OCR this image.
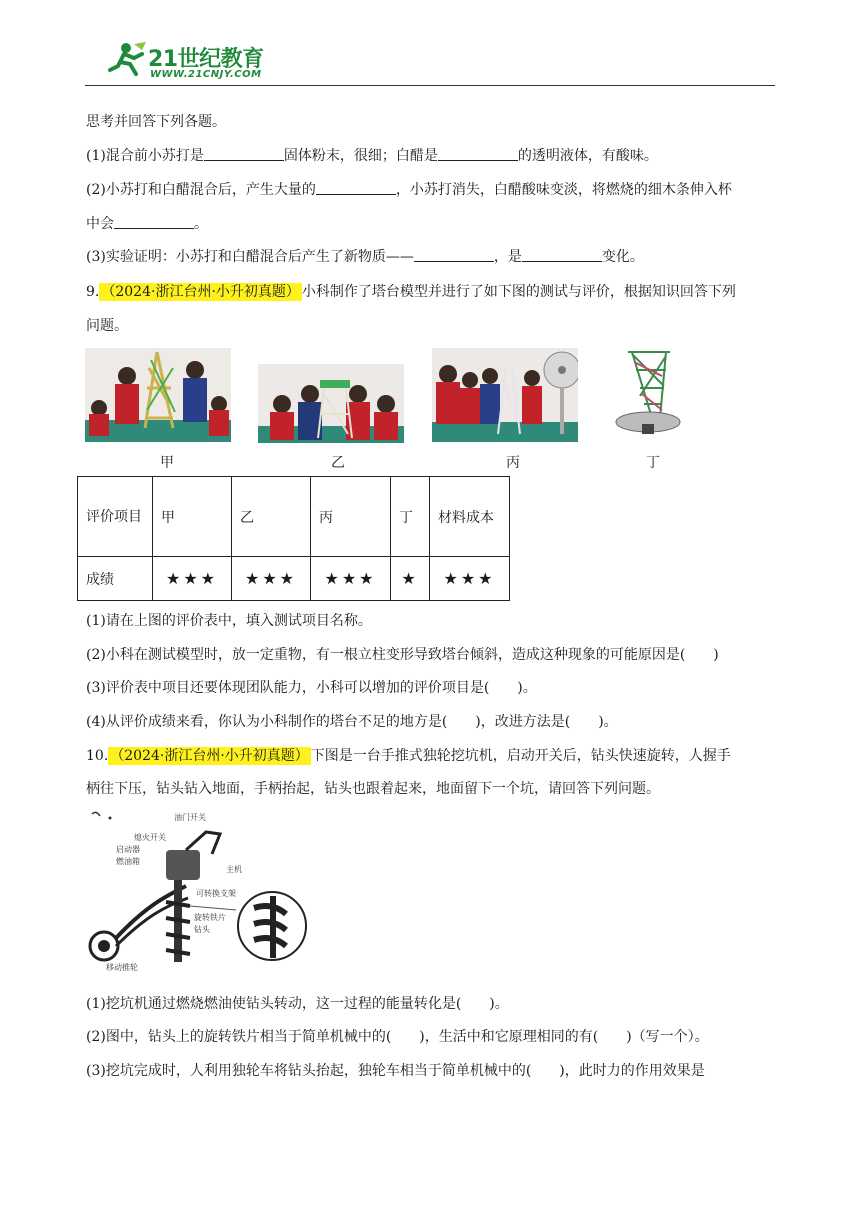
21世纪教育
WWW.21CNJY.COM
思考并回答下列各题。
(1)混合前小苏打是	固体粉末，很细；白醋是	的透明液体，有酸味。
(2)小苏打和白醋混合后，产生大量的	，小苏打消失，白醋酸味变淡，将燃烧的细木条伸入杯
中会	。
(3)实验证明：小苏打和白醋混合后产生了新物质——	，是	变化。
9. （2024·浙江台州·小升初真题） 小科制作了塔台模型并进行了如下图的测试与评价，根据知识回答下列
问题。
甲	乙	丙	丁
评价项目	甲	乙	丙	丁	材料成本
成绩	★★★	★★★	★★★	★	★★★
(1)请在上图的评价表中，填入测试项目名称。
(2)小科在测试模型时，放一定重物，有一根立柱变形导致塔台倾斜，造成这种现象的可能原因是(　　)
(3)评价表中项目还要体现团队能力，小科可以增加的评价项目是(　　)。
(4)从评价成绩来看，你认为小科制作的塔台不足的地方是(　　)，改进方法是(　　)。
10. （2024·浙江台州·小升初真题） 下图是一台手推式独轮挖坑机，启动开关后，钻头快速旋转，人握手
柄往下压，钻头钻入地面，手柄抬起，钻头也跟着起来，地面留下一个坑，请回答下列问题。
油门开关
熄火开关
启动器
燃油箱
主机
可转换支架
旋转铁片
钻头
移动推轮
(1)挖坑机通过燃烧燃油使钻头转动，这一过程的能量转化是(　　)。
(2)图中，钻头上的旋转铁片相当于简单机械中的(　　)，生活中和它原理相同的有(　　)（写一个）。
(3)挖坑完成时，人利用独轮车将钻头抬起，独轮车相当于简单机械中的(　　)，此时力的作用效果是
